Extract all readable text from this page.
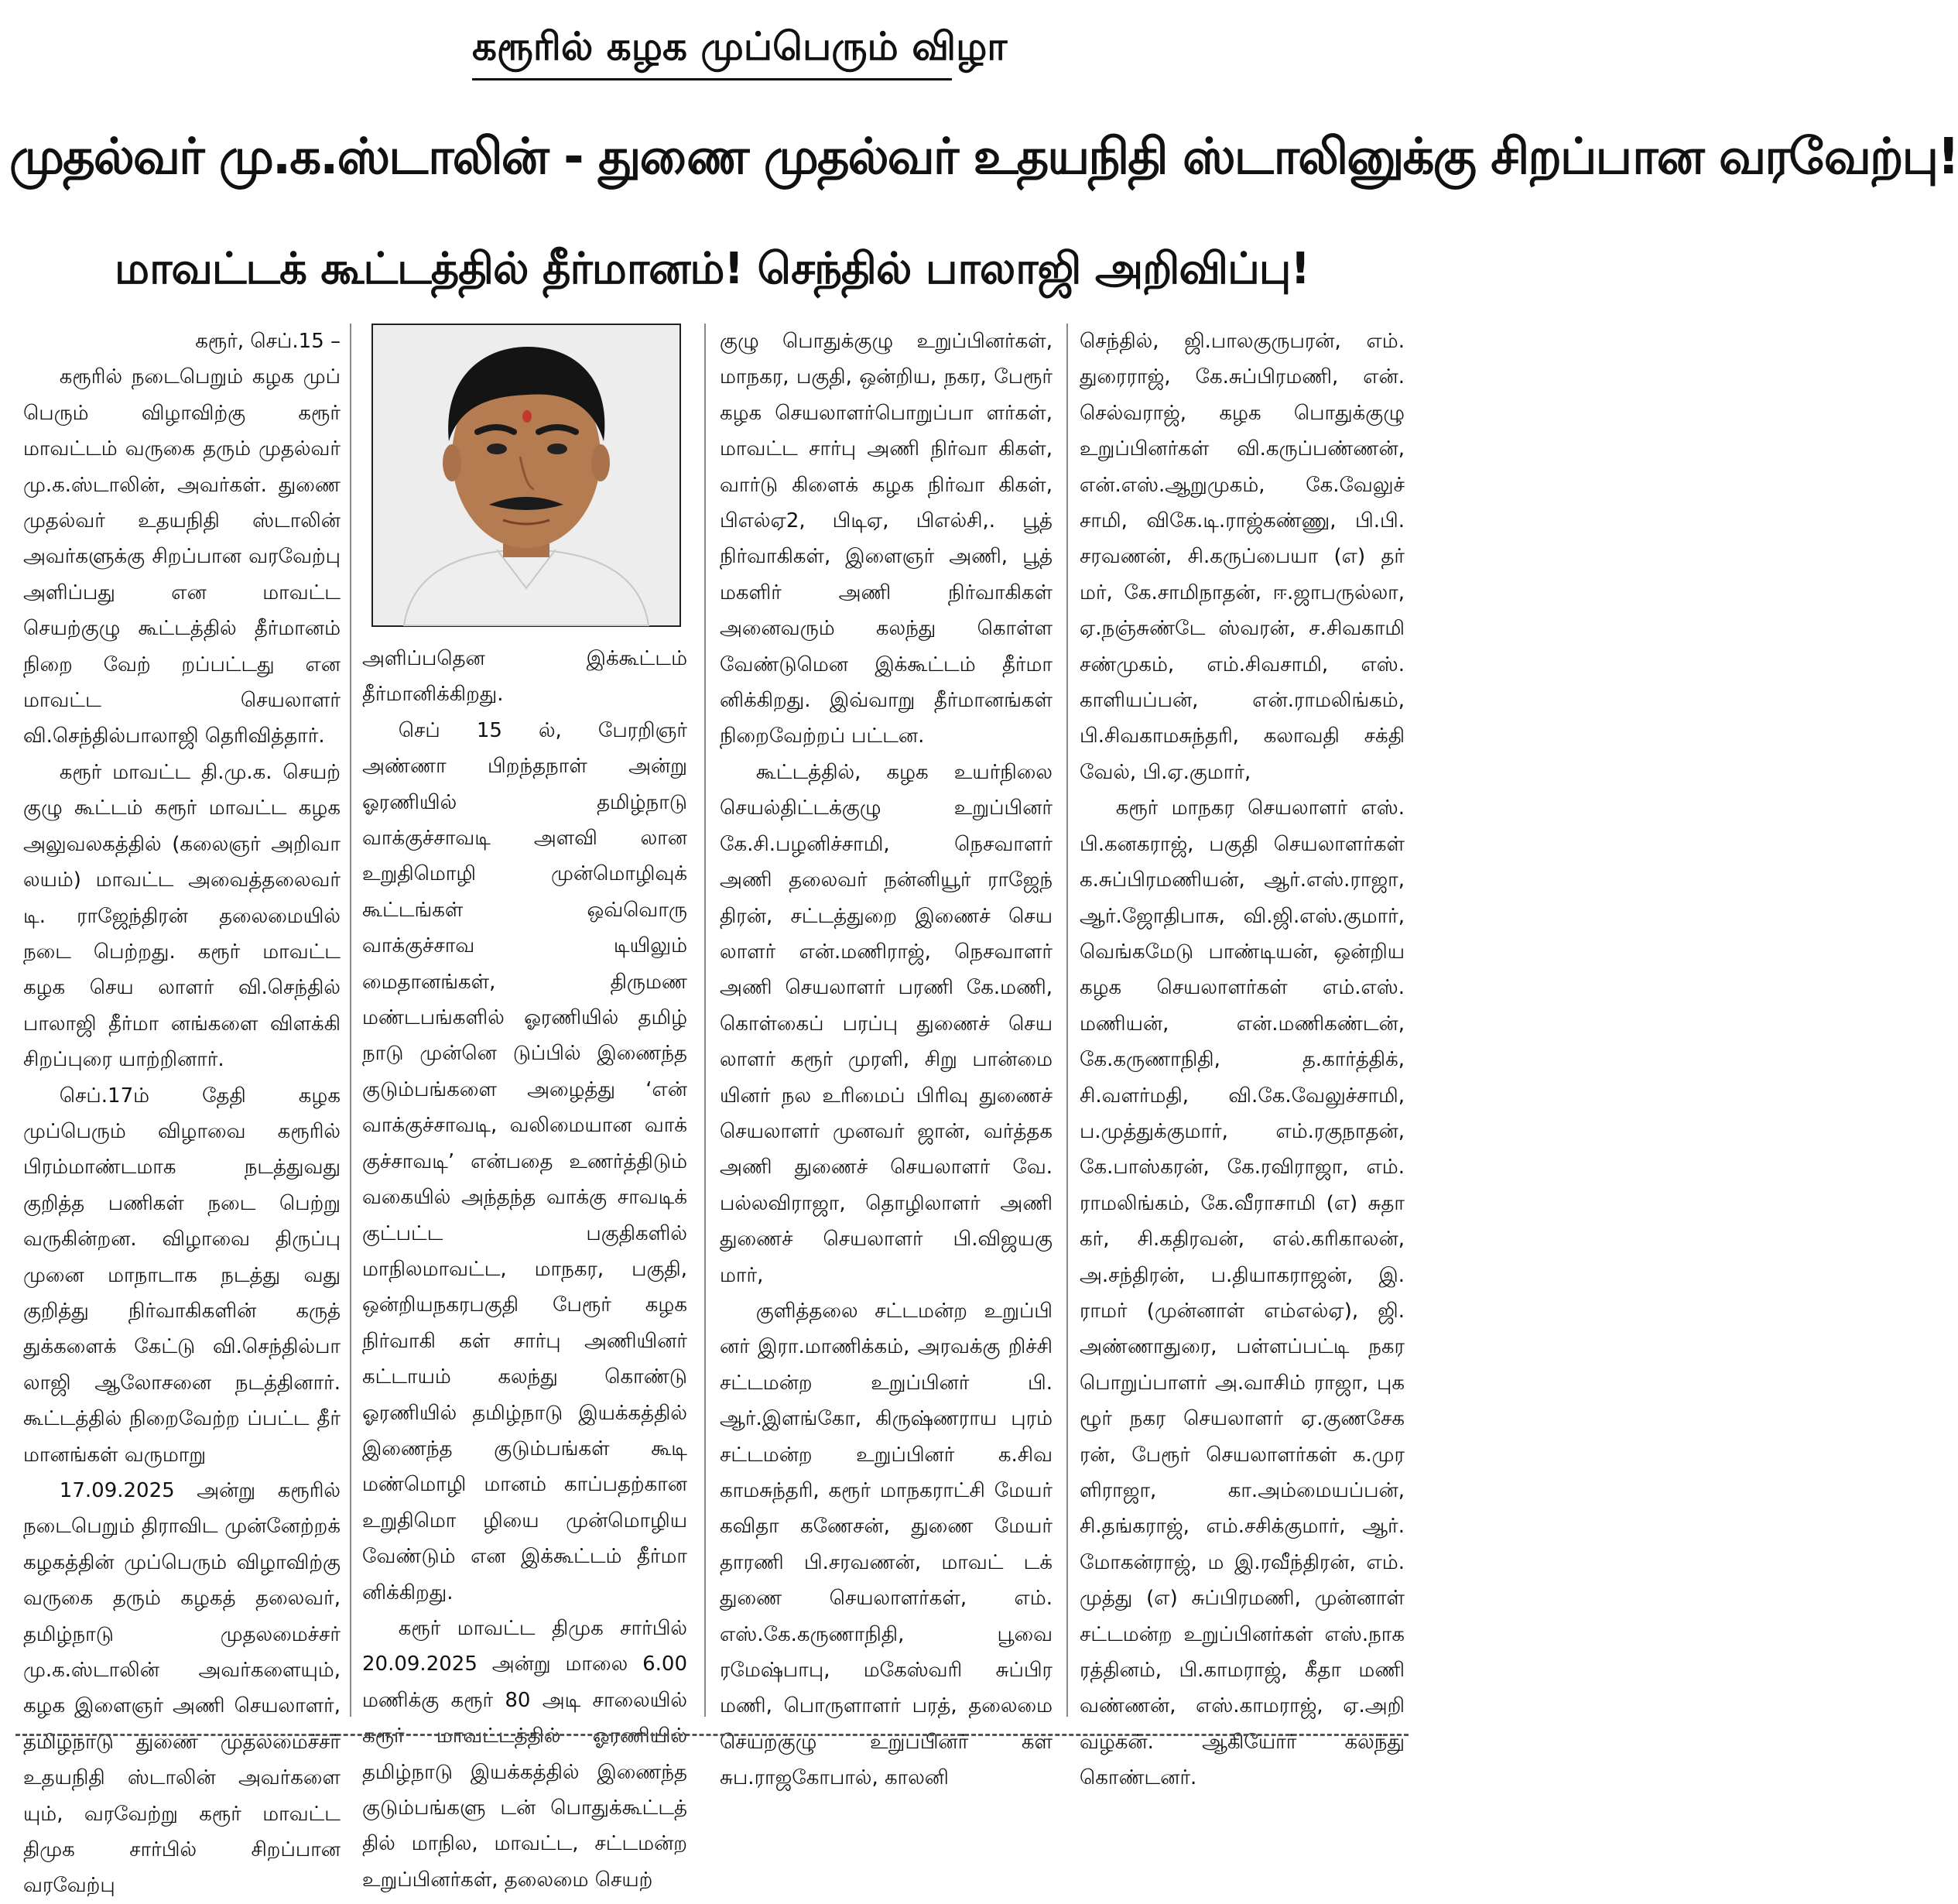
கரூரில் கழக முப்பெரும் விழா
முதல்வர் மு.க.ஸ்டாலின் - துணை முதல்வர் உதயநிதி ஸ்டாலினுக்கு சிறப்பான வரவேற்பு!
மாவட்டக் கூட்டத்தில் தீர்மானம்! செந்தில் பாலாஜி அறிவிப்பு!

கரூர், செப்.15 –

கரூரில் நடைபெறும் கழக முப் பெரும் விழாவிற்கு கரூர் மாவட்டம் வருகை தரும் முதல்வர் மு.க.ஸ்டாலின், அவர்கள். துணை முதல்வர் உதயநிதி ஸ்டாலின் அவர்களுக்கு சிறப்பான வரவேற்பு அளிப்பது என மாவட்ட செயற்குழு கூட்டத்தில் தீர்மானம் நிறை வேற் றப்பட்டது என மாவட்ட செயலாளர் வி.செந்தில்பாலாஜி தெரிவித்தார்.

கரூர் மாவட்ட தி.மு.க. செயற் குழு கூட்டம் கரூர் மாவட்ட கழக அலுவலகத்தில் (கலைஞர் அறிவா லயம்) மாவட்ட அவைத்தலைவர் டி. ராஜேந்திரன் தலைமையில் நடை பெற்றது. கரூர் மாவட்ட கழக செய லாளர் வி.செந்தில் பாலாஜி தீர்மா னங்களை விளக்கி சிறப்புரை யாற்றினார்.

செப்.17ம் தேதி கழக முப்பெரும் விழாவை கரூரில் பிரம்மாண்டமாக நடத்துவது குறித்த பணிகள் நடை பெற்று வருகின்றன. விழாவை திருப்பு முனை மாநாடாக நடத்து வது குறித்து நிர்வாகிகளின் கருத் துக்களைக் கேட்டு வி.செந்தில்பா லாஜி ஆலோசனை நடத்தினார். கூட்டத்தில் நிறைவேற்ற ப்பட்ட தீர் மானங்கள் வருமாறு

17.09.2025 அன்று கரூரில் நடைபெறும் திராவிட முன்னேற்றக் கழகத்தின் முப்பெரும் விழாவிற்கு வருகை தரும் கழகத் தலைவர், தமிழ்நாடு முதலமைச்சர் மு.க.ஸ்டாலின் அவர்களையும், கழக இளைஞர் அணி செயலாளர், தமிழ்நாடு துணை முதலமைச்சர் உதயநிதி ஸ்டாலின் அவர்களை யும், வரவேற்று கரூர் மாவட்ட திமுக சார்பில் சிறப்பான வரவேற்பு

அளிப்பதென இக்கூட்டம் தீர்மானிக்கிறது.

செப் 15 ல், பேரறிஞர் அண்ணா பிறந்தநாள் அன்று ஓரணியில் தமிழ்நாடு வாக்குச்சாவடி அளவி லான உறுதிமொழி முன்மொழிவுக் கூட்டங்கள் ஒவ்வொரு வாக்குச்சாவ டியிலும் மைதானங்கள், திருமண மண்டபங்களில் ஓரணியில் தமிழ் நாடு முன்னெ டுப்பில் இணைந்த குடும்பங்களை அழைத்து ‘என் வாக்குச்சாவடி, வலிமையான வாக் குச்சாவடி’ என்பதை உணர்த்திடும் வகையில் அந்தந்த வாக்கு சாவடிக் குட்பட்ட பகுதிகளில் மாநிலமாவட்ட, மாநகர, பகுதி, ஒன்றியநகரபகுதி பேரூர் கழக நிர்வாகி கள் சார்பு அணியினர் கட்டாயம் கலந்து கொண்டு ஓரணியில் தமிழ்நாடு இயக்கத்தில் இணைந்த குடும்பங்கள் கூடி மண்மொழி மானம் காப்பதற்கான உறுதிமொ ழியை முன்மொழிய வேண்டும் என இக்கூட்டம் தீர்மா னிக்கிறது.

கரூர் மாவட்ட திமுக சார்பில் 20.09.2025 அன்று மாலை 6.00 மணிக்கு கரூர் 80 அடி சாலையில் கரூர் மாவட்டத்தில் ஓரணியில் தமிழ்நாடு இயக்கத்தில் இணைந்த குடும்பங்களு டன் பொதுக்கூட்டத் தில் மாநில, மாவட்ட, சட்டமன்ற உறுப்பினர்கள், தலைமை செயற்

குழு பொதுக்குழு உறுப்பினர்கள், மாநகர, பகுதி, ஒன்றிய, நகர, பேரூர் கழக செயலாளர்பொறுப்பா ளர்கள், மாவட்ட சார்பு அணி நிர்வா கிகள், வார்டு கிளைக் கழக நிர்வா கிகள், பிஎல்ஏ2, பிடிஏ, பிஎல்சி,. பூத் நிர்வாகிகள், இளைஞர் அணி, பூத் மகளிர் அணி நிர்வாகிகள் அனைவரும் கலந்து கொள்ள வேண்டுமென இக்கூட்டம் தீர்மா னிக்கிறது. இவ்வாறு தீர்மானங்கள் நிறைவேற்றப் பட்டன.

கூட்டத்தில், கழக உயர்நிலை செயல்திட்டக்குழு உறுப்பினர் கே.சி.பழனிச்சாமி, நெசவாளர் அணி தலைவர் நன்னியூர் ராஜேந் திரன், சட்டத்துறை இணைச் செய லாளர் என்.மணிராஜ், நெசவாளர் அணி செயலாளர் பரணி கே.மணி, கொள்கைப் பரப்பு துணைச் செய லாளர் கரூர் முரளி, சிறு பான்மை யினர் நல உரிமைப் பிரிவு துணைச் செயலாளர் முனவர் ஜான், வர்த்தக அணி துணைச் செயலாளர் வே. பல்லவிராஜா, தொழிலாளர் அணி துணைச் செயலாளர் பி.விஜயகு மார்,

குளித்தலை சட்டமன்ற உறுப்பி னர் இரா.மாணிக்கம், அரவக்கு றிச்சி சட்டமன்ற உறுப்பினர் பி. ஆர்.இளங்கோ, கிருஷ்ணராய புரம் சட்டமன்ற உறுப்பினர் க.சிவ காமசுந்தரி, கரூர் மாநகராட்சி மேயர் கவிதா கணேசன், துணை மேயர் தாரணி பி.சரவணன், மாவட் டக் துணை செயலாளர்கள், எம். எஸ்.கே.கருணாநிதி, பூவை ரமேஷ்பாபு, மகேஸ்வரி சுப்பிர மணி, பொருளாளர் பரத், தலைமை செயற்குழு உறுப்பினர் கள் சுப.ராஜகோபால், காலனி

செந்தில், ஜி.பாலகுருபரன், எம். துரைராஜ், கே.சுப்பிரமணி, என். செல்வராஜ், கழக பொதுக்குழு உறுப்பினர்கள் வி.கருப்பண்ணன், என்.எஸ்.ஆறுமுகம், கே.வேலுச் சாமி, விகே.டி.ராஜ்கண்ணு, பி.பி. சரவணன், சி.கருப்பையா (எ) தர் மர், கே.சாமிநாதன், ஈ.ஜாபருல்லா, ஏ.நஞ்சுண்டே ஸ்வரன், ச.சிவகாமி சண்முகம், எம்.சிவசாமி, எஸ். காளியப்பன், என்.ராமலிங்கம், பி.சிவகாமசுந்தரி, கலாவதி சக்தி வேல், பி.ஏ.குமார்,

கரூர் மாநகர செயலாளர் எஸ். பி.கனகராஜ், பகுதி செயலாளர்கள் க.சுப்பிரமணியன், ஆர்.எஸ்.ராஜா, ஆர்.ஜோதிபாசு, வி.ஜி.எஸ்.குமார், வெங்கமேடு பாண்டியன், ஒன்றிய கழக செயலாளர்கள் எம்.எஸ். மணியன், என்.மணிகண்டன், கே.கருணாநிதி, த.கார்த்திக், சி.வளர்மதி, வி.கே.வேலுச்சாமி, ப.முத்துக்குமார், எம்.ரகுநாதன், கே.பாஸ்கரன், கே.ரவிராஜா, எம். ராமலிங்கம், கே.வீராசாமி (எ) சுதா கர், சி.கதிரவன், எல்.கரிகாலன், அ.சந்திரன், ப.தியாகராஜன், இ. ராமர் (முன்னாள் எம்எல்ஏ), ஜி. அண்ணாதுரை, பள்ளப்பட்டி நகர பொறுப்பாளர் அ.வாசிம் ராஜா, புக ழூர் நகர செயலாளர் ஏ.குணசேக ரன், பேரூர் செயலாளர்கள் க.முர ளிராஜா, கா.அம்மையப்பன், சி.தங்கராஜ், எம்.சசிக்குமார், ஆர். மோகன்ராஜ், ம இ.ரவீந்திரன், எம். முத்து (எ) சுப்பிரமணி, முன்னாள் சட்டமன்ற உறுப்பினர்கள் எஸ்.நாக ரத்தினம், பி.காமராஜ், கீதா மணி வண்ணன், எஸ்.காமராஜ், ஏ.அறி வழகன். ஆகியோர் கலந்து கொண்டனர்.
